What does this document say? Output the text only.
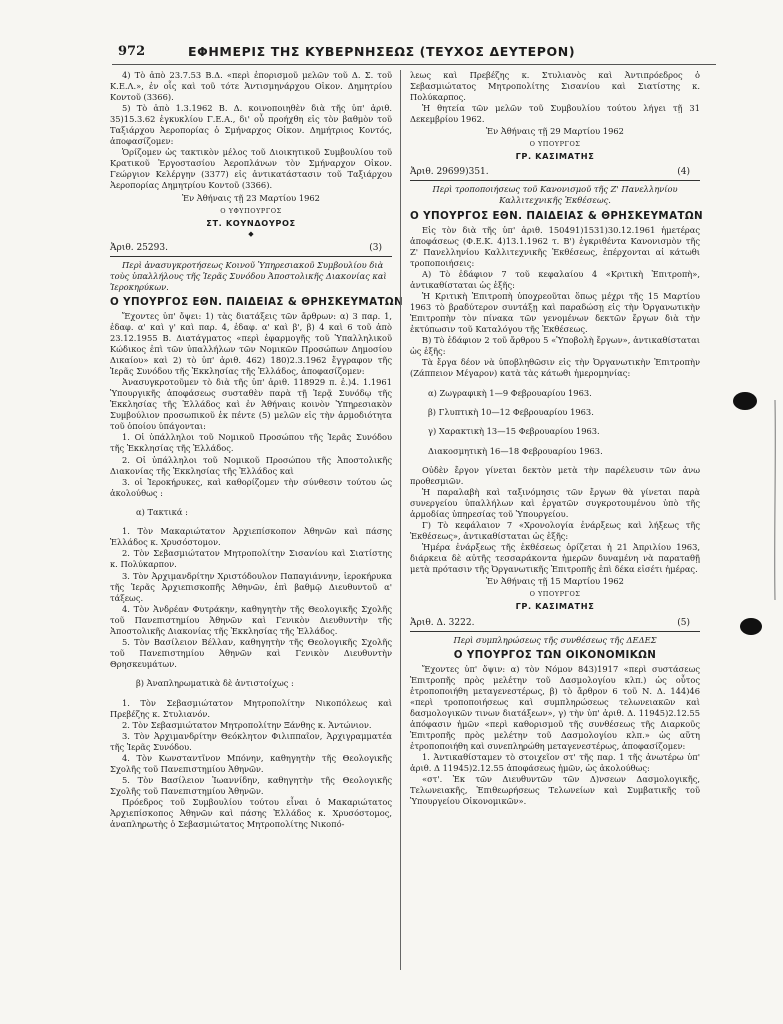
972	ΕΦΗΜΕΡΙΣ ΤΗΣ ΚΥΒΕΡΝΗΣΕΩΣ (ΤΕΥΧΟΣ ΔΕΥΤΕΡΟΝ)

4) Τὸ ἀπὸ 23.7.53 Β.Δ. «περὶ ἐπορισμοῦ μελῶν τοῦ Δ. Σ. τοῦ Κ.Ε.Λ.», ἐν οἷς καὶ τοῦ τότε Ἀντισμηνάρχου Οἰκον. Δημητρίου Κοντοῦ (3366).

5) Τὸ ἀπὸ 1.3.1962 Β. Δ. κοινοποιηθὲν διὰ τῆς ὑπ' ἀριθ. 35)15.3.62 ἐγκυκλίου Γ.Ε.Α., δι' οὗ προήχθη εἰς τὸν βαθμὸν τοῦ Ταξιάρχου Ἀεροπορίας ὁ Σμήναρχος Οἰκον. Δημήτριος Κοντός, ἀποφασίζομεν:

Ὁρίζομεν ὡς τακτικὸν μέλος τοῦ Διοικητικοῦ Συμβουλίου τοῦ Κρατικοῦ Ἐργοστασίου Ἀεροπλάνων τὸν Σμήναρχον Οἰκον. Γεώργιον Κελέργην (3377) εἰς ἀντικατάστασιν τοῦ Ταξιάρχου Ἀεροπορίας Δημητρίου Κοντοῦ (3366).

Ἐν Ἀθήναις τῇ 23 Μαρτίου 1962

Ο ΥΦΥΠΟΥΡΓΟΣ

ΣΤ. ΚΟΥΝΔΟΥΡΟΣ

◆

Ἀριθ. 25293.	(3)

Περὶ ἀνασυγκροτήσεως Κοινοῦ Ὑπηρεσιακοῦ Συμβουλίου διὰ τοὺς ὑπαλλήλους τῆς Ἱερᾶς Συνόδου Ἀποστολικῆς Διακονίας καὶ Ἱεροκηρύκων.

Ο ΥΠΟΥΡΓΟΣ ΕΘΝ. ΠΑΙΔΕΙΑΣ & ΘΡΗΣΚΕΥΜΑΤΩΝ

Ἔχοντες ὑπ' ὄψει: 1) τὰς διατάξεις τῶν ἄρθρων: α) 3 παρ. 1, ἐδαφ. α' καὶ γ' καὶ παρ. 4, ἐδαφ. α' καὶ β', β) 4 καὶ 6 τοῦ ἀπὸ 23.12.1955 Β. Διατάγματος «περὶ ἐφαρμογῆς τοῦ Ὑπαλληλικοῦ Κώδικος ἐπὶ τῶν ὑπαλλήλων τῶν Νομικῶν Προσώπων Δημοσίου Δικαίου» καὶ 2) τὸ ὑπ' ἀριθ. 462) 180)2.3.1962 ἔγγραφον τῆς Ἱερᾶς Συνόδου τῆς Ἐκκλησίας τῆς Ἑλλάδος, ἀποφασίζομεν:

Ἀνασυγκροτοῦμεν τὸ διὰ τῆς ὑπ' ἀριθ. 118929 π. ἐ.)4. 1.1961 Ὑπουργικῆς ἀποφάσεως συσταθὲν παρὰ τῇ Ἱερᾷ Συνόδῳ τῆς Ἐκκλησίας τῆς Ἑλλάδος καὶ ἐν Ἀθήναις κοινὸν Ὑπηρεσιακὸν Συμβούλιον προσωπικοῦ ἐκ πέντε (5) μελῶν εἰς τὴν ἁρμοδιότητα τοῦ ὁποίου ὑπάγονται:

1. Οἱ ὑπάλληλοι τοῦ Νομικοῦ Προσώπου τῆς Ἱερᾶς Συνόδου τῆς Ἐκκλησίας τῆς Ἑλλάδος.

2. Οἱ ὑπάλληλοι τοῦ Νομικοῦ Προσώπου τῆς Ἀποστολικῆς Διακονίας τῆς Ἐκκλησίας τῆς Ἑλλάδος καὶ

3. οἱ Ἱεροκήρυκες, καὶ καθορίζομεν τὴν σύνθεσιν τούτου ὡς ἀκολούθως :

α) Τακτικά :

1. Τὸν Μακαριώτατον Ἀρχιεπίσκοπον Ἀθηνῶν καὶ πάσης Ἑλλάδος κ. Χρυσόστομον.

2. Τὸν Σεβασμιώτατον Μητροπολίτην Σισανίου καὶ Σιατίστης κ. Πολύκαρπον.

3. Τὸν Ἀρχιμανδρίτην Χριστόδουλον Παπαγιάννην, ἱεροκήρυκα τῆς Ἱερᾶς Ἀρχιεπισκοπῆς Ἀθηνῶν, ἐπὶ βαθμῷ Διευθυντοῦ α' τάξεως.

4. Τὸν Ἀνδρέαν Φυτράκην, καθηγητὴν τῆς Θεολογικῆς Σχολῆς τοῦ Πανεπιστημίου Ἀθηνῶν καὶ Γενικὸν Διευθυντὴν τῆς Ἀποστολικῆς Διακονίας τῆς Ἐκκλησίας τῆς Ἑλλάδος.

5. Τὸν Βασίλειον Βέλλαν, καθηγητὴν τῆς Θεολογικῆς Σχολῆς τοῦ Πανεπιστημίου Ἀθηνῶν καὶ Γενικὸν Διευθυντὴν Θρησκευμάτων.

β) Ἀναπληρωματικὰ δὲ ἀντιστοίχως :

1. Τὸν Σεβασμιώτατον Μητροπολίτην Νικοπόλεως καὶ Πρεβέζης κ. Στυλιανόν.

2. Τὸν Σεβασμιώτατον Μητροπολίτην Ξάνθης κ. Ἀντώνιον.

3. Τὸν Ἀρχιμανδρίτην Θεόκλητον Φιλιππαῖον, Ἀρχιγραμματέα τῆς Ἱερᾶς Συνόδου.

4. Τὸν Κωνσταντῖνον Μπόνην, καθηγητὴν τῆς Θεολογικῆς Σχολῆς τοῦ Πανεπιστημίου Ἀθηνῶν.

5. Τὸν Βασίλειον Ἰωαννίδην, καθηγητὴν τῆς Θεολογικῆς Σχολῆς τοῦ Πανεπιστημίου Ἀθηνῶν.

Πρόεδρος τοῦ Συμβουλίου τούτου εἶναι ὁ Μακαριώτατος Ἀρχιεπίσκοπος Ἀθηνῶν καὶ πάσης Ἑλλάδος κ. Χρυσόστομος, ἀναπληρωτὴς ὁ Σεβασμιώτατος Μητροπολίτης Νικοπό-

λεως καὶ Πρεβέζης κ. Στυλιανὸς καὶ Ἀντιπρόεδρος ὁ Σεβασμιώτατος Μητροπολίτης Σισανίου καὶ Σιατίστης κ. Πολύκαρπος.

Ἡ θητεία τῶν μελῶν τοῦ Συμβουλίου τούτου λήγει τῇ 31 Δεκεμβρίου 1962.

Ἐν Ἀθήναις τῇ 29 Μαρτίου 1962

Ο ΥΠΟΥΡΓΟΣ

ΓΡ. ΚΑΣΙΜΑΤΗΣ

Ἀριθ. 29699)351.	(4)

Περὶ τροποποιήσεως τοῦ Κανονισμοῦ τῆς Ζ' Πανελληνίου Καλλιτεχνικῆς Ἐκθέσεως.

Ο ΥΠΟΥΡΓΟΣ ΕΘΝ. ΠΑΙΔΕΙΑΣ & ΘΡΗΣΚΕΥΜΑΤΩΝ

Εἰς τὸν διὰ τῆς ὑπ' ἀριθ. 150491)1531)30.12.1961 ἡμετέρας ἀποφάσεως (Φ.Ε.Κ. 4)13.1.1962 τ. Β') ἐγκριθέντα Κανονισμὸν τῆς Ζ' Πανελληνίου Καλλιτεχνικῆς Ἐκθέσεως, ἐπέρχονται αἱ κάτωθι τροποποιήσεις:

Α) Τὸ ἐδάφιον 7 τοῦ κεφαλαίου 4 «Κριτικὴ Ἐπιτροπὴ», ἀντικαθίσταται ὡς ἑξῆς:

Ἡ Κριτικὴ Ἐπιτροπὴ ὑποχρεοῦται ὅπως μέχρι τῆς 15 Μαρτίου 1963 τὸ βραδύτερον συντάξῃ καὶ παραδώσῃ εἰς τὴν Ὀργανωτικὴν Ἐπιτροπὴν τὸν πίνακα τῶν γενομένων δεκτῶν ἔργων διὰ τὴν ἐκτύπωσιν τοῦ Καταλόγου τῆς Ἐκθέσεως.

Β) Τὸ ἐδάφιον 2 τοῦ ἄρθρου 5 «Ὑποβολὴ ἔργων», ἀντικαθίσταται ὡς ἑξῆς:

Τὰ ἔργα δέον νὰ ὑποβληθῶσιν εἰς τὴν Ὀργανωτικὴν Ἐπιτροπὴν (Ζάππειον Μέγαρον) κατὰ τὰς κάτωθι ἡμερομηνίας:

α) Ζωγραφικὴ 1—9 Φεβρουαρίου 1963.

β) Γλυπτικὴ 10—12 Φεβρουαρίου 1963.

γ) Χαρακτικὴ 13—15 Φεβρουαρίου 1963.

Διακοσμητικὴ 16—18 Φεβρουαρίου 1963.

Οὐδὲν ἔργον γίνεται δεκτὸν μετὰ τὴν παρέλευσιν τῶν ἀνω προθεσμιῶν.

Ἡ παραλαβὴ καὶ ταξινόμησις τῶν ἔργων θὰ γίνεται παρὰ συνεργείου ὑπαλλήλων καὶ ἐργατῶν συγκροτουμένου ὑπὸ τῆς ἁρμοδίας ὑπηρεσίας τοῦ Ὑπουργείου.

Γ) Τὸ κεφάλαιον 7 «Χρονολογία ἐνάρξεως καὶ λήξεως τῆς Ἐκθέσεως», ἀντικαθίσταται ὡς ἑξῆς:

Ἡμέρα ἐνάρξεως τῆς ἐκθέσεως ὁρίζεται ἡ 21 Ἀπριλίου 1963, διάρκεια δὲ αὐτῆς τεσσαράκοντα ἡμερῶν δυναμένη νὰ παραταθῇ μετὰ πρότασιν τῆς Ὀργανωτικῆς Ἐπιτροπῆς ἐπὶ δέκα εἰσέτι ἡμέρας.

Ἐν Ἀθήναις τῇ 15 Μαρτίου 1962

Ο ΥΠΟΥΡΓΟΣ

ΓΡ. ΚΑΣΙΜΑΤΗΣ

Ἀριθ. Δ. 3222.	(5)

Περὶ συμπληρώσεως τῆς συνθέσεως τῆς ΔΕΔΕΣ

Ο ΥΠΟΥΡΓΟΣ ΤΩΝ ΟΙΚΟΝΟΜΙΚΩΝ

Ἔχοντες ὑπ' ὄψιν: α) τὸν Νόμον 843)1917 «περὶ συστάσεως Ἐπιτροπῆς πρὸς μελέτην τοῦ Δασμολογίου κλπ.) ὡς οὗτος ἐτροποποιήθη μεταγενεστέρως, β) τὸ ἄρθρον 6 τοῦ Ν. Δ. 144)46 «περὶ τροποποιήσεως καὶ συμπληρώσεως τελωνειακῶν καὶ δασμολογικῶν τινων διατάξεων», γ) τὴν ὑπ' ἀριθ. Δ. 11945)2.12.55 ἀπόφασιν ἡμῶν «περὶ καθορισμοῦ τῆς συνθέσεως τῆς Διαρκοῦς Ἐπιτροπῆς πρὸς μελέτην τοῦ Δασμολογίου κλπ.» ὡς αὕτη ἐτροποποιήθη καὶ συνεπληρώθη μεταγενεστέρως, ἀποφασίζομεν:

1. Ἀντικαθίσταμεν τὸ στοιχεῖον στ' τῆς παρ. 1 τῆς ἀνωτέρω ὑπ' ἀριθ. Δ 11945)2.12.55 ἀποφάσεως ἡμῶν, ὡς ἀκολούθως:

«στ'. Ἐκ τῶν Διευθυντῶν τῶν Δ)νσεων Δασμολογικῆς, Τελωνειακῆς, Ἐπιθεωρήσεως Τελωνείων καὶ Συμβατικῆς τοῦ Ὑπουργείου Οἰκονομικῶν».
